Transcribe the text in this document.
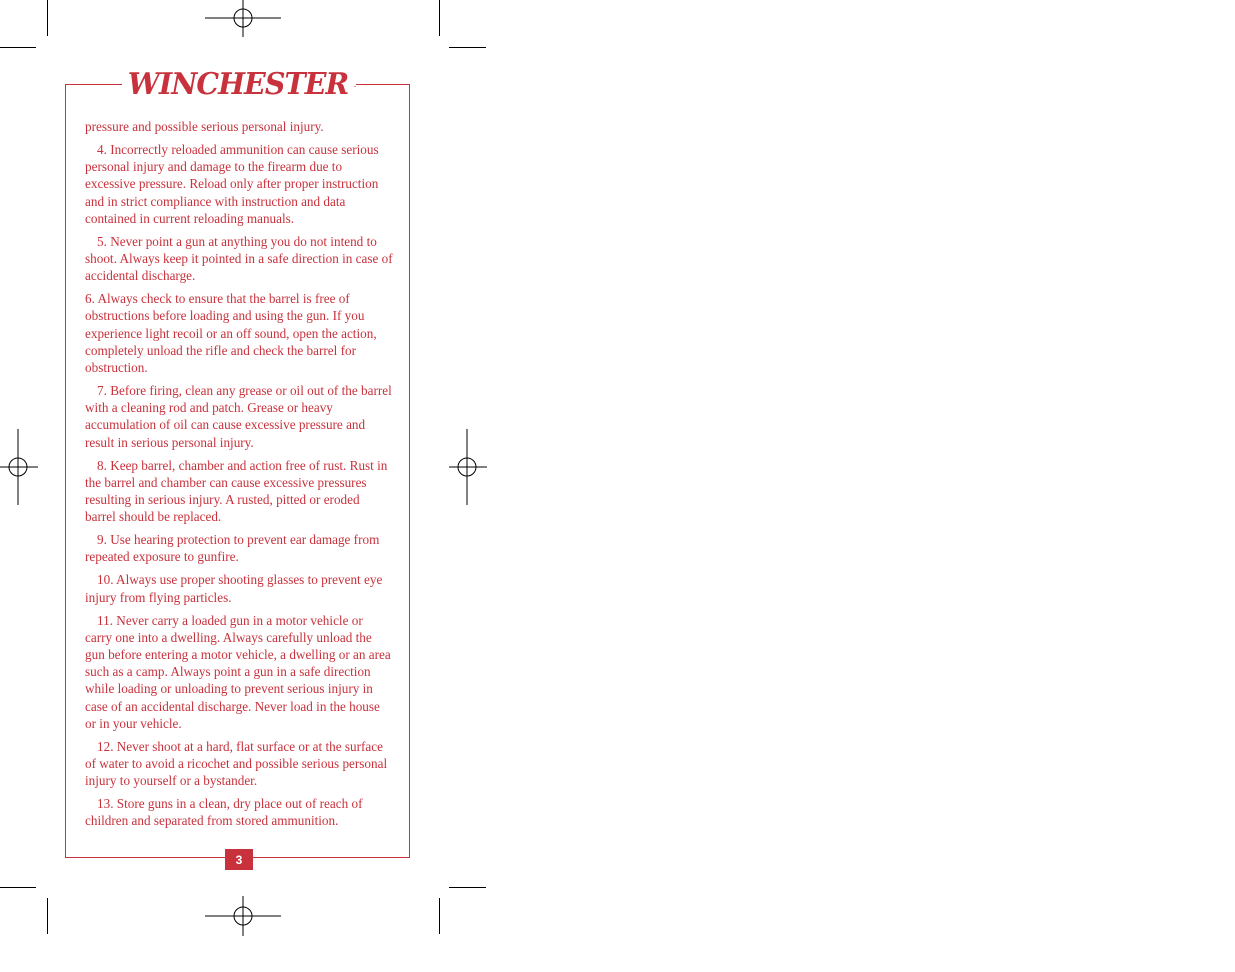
WINCHESTER .

pressure and possible serious personal injury.

4. Incorrectly reloaded ammunition can cause serious personal injury and damage to the firearm due to excessive pressure. Reload only after proper instruction and in strict compliance with instruction and data contained in current reloading manuals.

5. Never point a gun at anything you do not intend to shoot. Always keep it pointed in a safe direction in case of accidental discharge.

6. Always check to ensure that the barrel is free of obstructions before loading and using the gun. If you experience light recoil or an off sound, open the action, completely unload the rifle and check the barrel for obstruction.

7. Before firing, clean any grease or oil out of the barrel with a cleaning rod and patch. Grease or heavy accumulation of oil can cause excessive pressure and result in serious personal injury.

8. Keep barrel, chamber and action free of rust. Rust in the barrel and chamber can cause excessive pressures resulting in serious injury. A rusted, pitted or eroded barrel should be replaced.

9. Use hearing protection to prevent ear damage from repeated exposure to gunfire.

10. Always use proper shooting glasses to prevent eye injury from flying particles.

11. Never carry a loaded gun in a motor vehicle or carry one into a dwelling. Always carefully unload the gun before entering a motor vehicle, a dwelling or an area such as a camp. Always point a gun in a safe direction while loading or unloading to prevent serious injury in case of an accidental discharge. Never load in the house or in your vehicle.

12. Never shoot at a hard, flat surface or at the surface of water to avoid a ricochet and possible serious personal injury to yourself or a bystander.

13. Store guns in a clean, dry place out of reach of children and separated from stored ammunition.

3
